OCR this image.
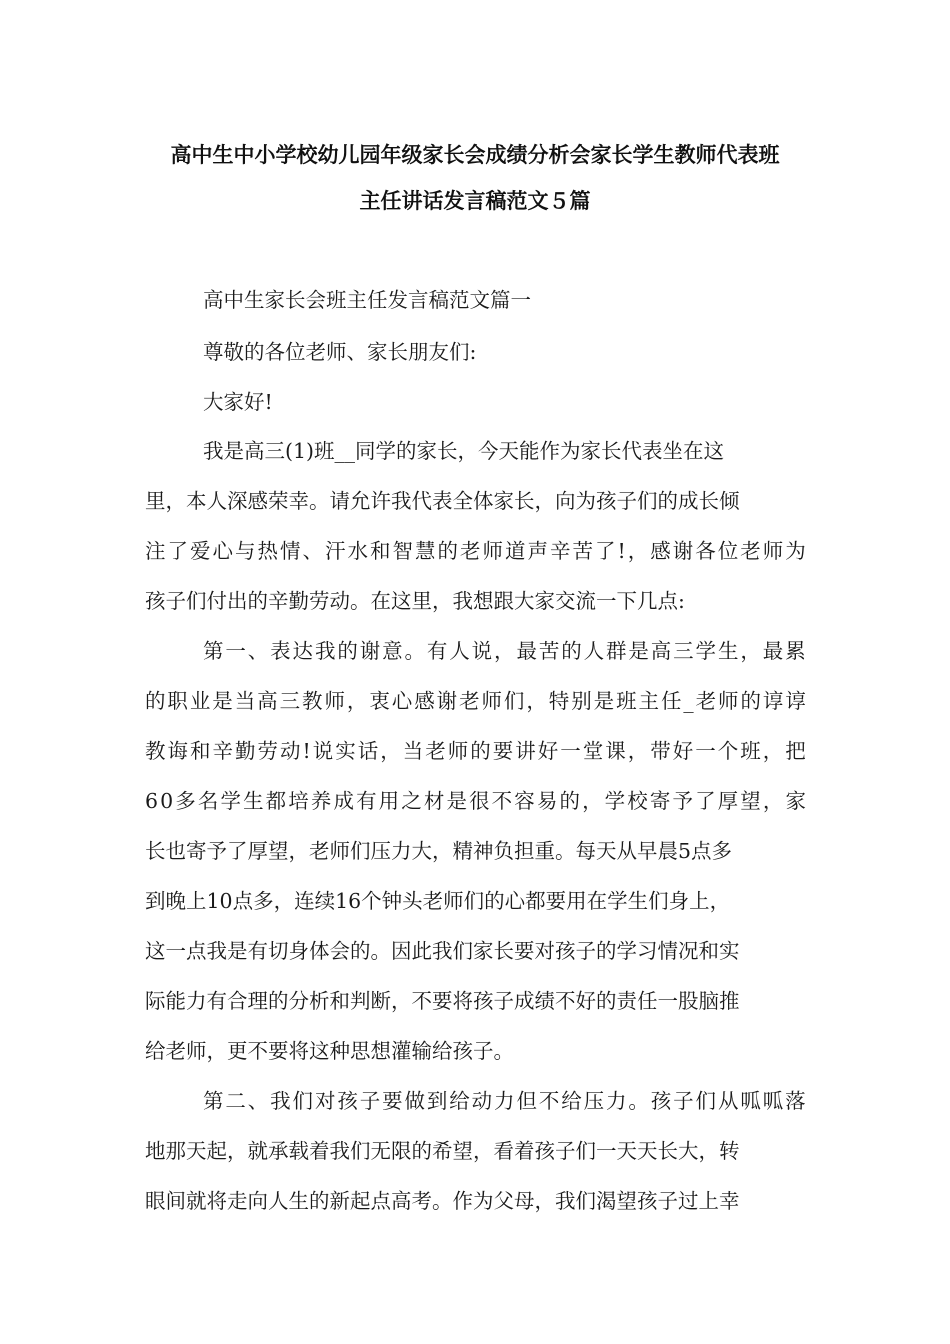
高中生中小学校幼儿园年级家长会成绩分析会家长学生教师代表班
主任讲话发言稿范文５篇
高中生家长会班主任发言稿范文篇一
尊敬的各位老师、家长朋友们:
大家好!
我是高三(1)班__同学的家长，今天能作为家长代表坐在这
里，本人深感荣幸。请允许我代表全体家长，向为孩子们的成长倾
注了爱心与热情、汗水和智慧的老师道声辛苦了!，感谢各位老师为
孩子们付出的辛勤劳动。在这里，我想跟大家交流一下几点:
第一、表达我的谢意。有人说，最苦的人群是高三学生，最累
的职业是当高三教师，衷心感谢老师们，特别是班主任_老师的谆谆
教诲和辛勤劳动!说实话，当老师的要讲好一堂课，带好一个班，把
60多名学生都培养成有用之材是很不容易的，学校寄予了厚望，家
长也寄予了厚望，老师们压力大，精神负担重。每天从早晨5点多
到晚上10点多，连续16个钟头老师们的心都要用在学生们身上，
这一点我是有切身体会的。因此我们家长要对孩子的学习情况和实
际能力有合理的分析和判断，不要将孩子成绩不好的责任一股脑推
给老师，更不要将这种思想灌输给孩子。
第二、我们对孩子要做到给动力但不给压力。孩子们从呱呱落
地那天起，就承载着我们无限的希望，看着孩子们一天天长大，转
眼间就将走向人生的新起点高考。作为父母，我们渴望孩子过上幸
